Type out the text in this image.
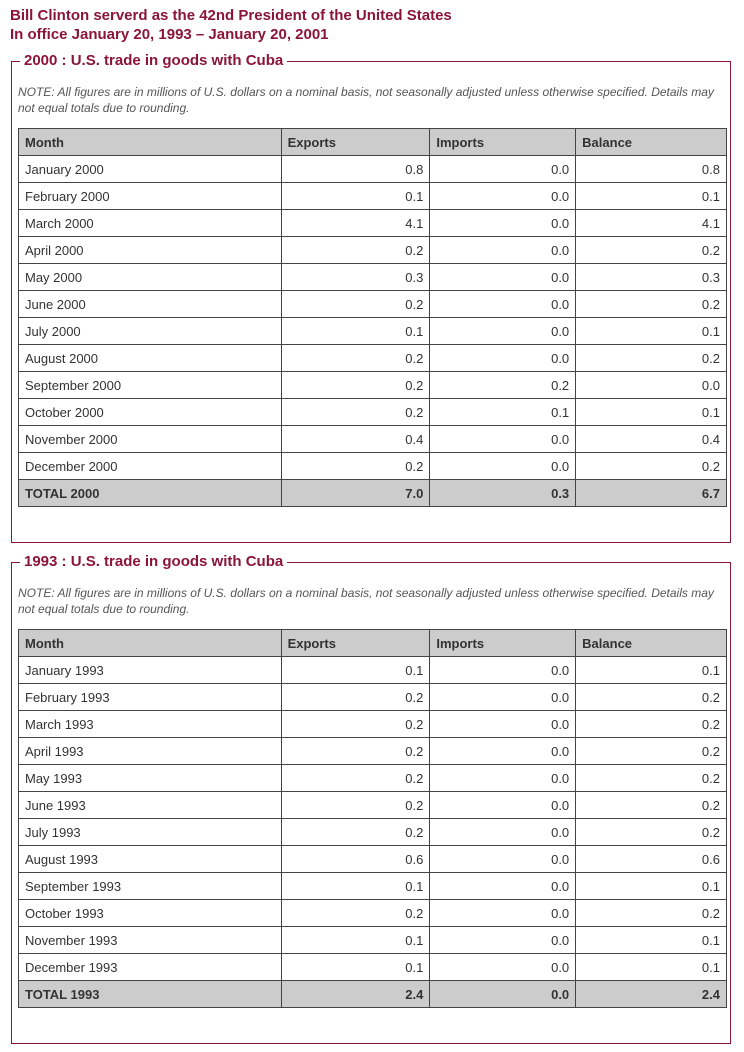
Bill Clinton serverd as the 42nd President of the United States
In office January 20, 1993 – January 20, 2001
2000 : U.S. trade in goods with Cuba
NOTE: All figures are in millions of U.S. dollars on a nominal basis, not seasonally adjusted unless otherwise specified. Details may not equal totals due to rounding.
Month	Exports	Imports	Balance
January 2000	0.8	0.0	0.8
February 2000	0.1	0.0	0.1
March 2000	4.1	0.0	4.1
April 2000	0.2	0.0	0.2
May 2000	0.3	0.0	0.3
June 2000	0.2	0.0	0.2
July 2000	0.1	0.0	0.1
August 2000	0.2	0.0	0.2
September 2000	0.2	0.2	0.0
October 2000	0.2	0.1	0.1
November 2000	0.4	0.0	0.4
December 2000	0.2	0.0	0.2
TOTAL 2000	7.0	0.3	6.7
1993 : U.S. trade in goods with Cuba
NOTE: All figures are in millions of U.S. dollars on a nominal basis, not seasonally adjusted unless otherwise specified. Details may not equal totals due to rounding.
Month	Exports	Imports	Balance
January 1993	0.1	0.0	0.1
February 1993	0.2	0.0	0.2
March 1993	0.2	0.0	0.2
April 1993	0.2	0.0	0.2
May 1993	0.2	0.0	0.2
June 1993	0.2	0.0	0.2
July 1993	0.2	0.0	0.2
August 1993	0.6	0.0	0.6
September 1993	0.1	0.0	0.1
October 1993	0.2	0.0	0.2
November 1993	0.1	0.0	0.1
December 1993	0.1	0.0	0.1
TOTAL 1993	2.4	0.0	2.4
